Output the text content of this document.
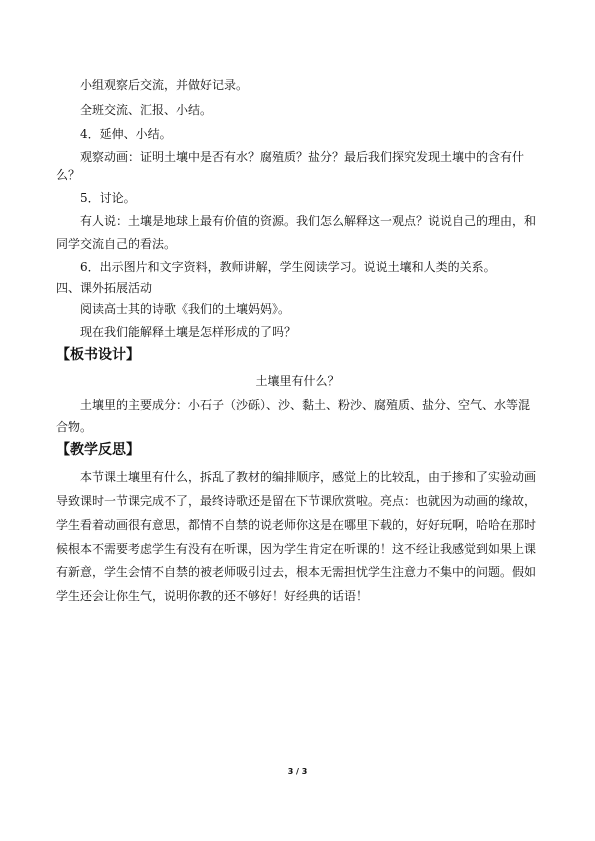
小组观察后交流，并做好记录。
全班交流、汇报、小结。
4．延伸、小结。
观察动画：证明土壤中是否有水？腐殖质？盐分？最后我们探究发现土壤中的含有什
么？
5．讨论。
有人说：土壤是地球上最有价值的资源。我们怎么解释这一观点？说说自己的理由，和
同学交流自己的看法。
6．出示图片和文字资料，教师讲解，学生阅读学习。说说土壤和人类的关系。
四、课外拓展活动
阅读高士其的诗歌《我们的土壤妈妈》。
现在我们能解释土壤是怎样形成的了吗？
【板书设计】
土壤里有什么？
土壤里的主要成分：小石子（沙砾）、沙、黏土、粉沙、腐殖质、盐分、空气、水等混
合物。
【教学反思】
本节课土壤里有什么，拆乱了教材的编排顺序，感觉上的比较乱，由于掺和了实验动画
导致课时一节课完成不了，最终诗歌还是留在下节课欣赏啦。亮点：也就因为动画的缘故，
学生看着动画很有意思，都情不自禁的说老师你这是在哪里下载的，好好玩啊，哈哈在那时
候根本不需要考虑学生有没有在听课，因为学生肯定在听课的！这不经让我感觉到如果上课
有新意，学生会情不自禁的被老师吸引过去，根本无需担忧学生注意力不集中的问题。假如
学生还会让你生气，说明你教的还不够好！好经典的话语！
3 / 3
